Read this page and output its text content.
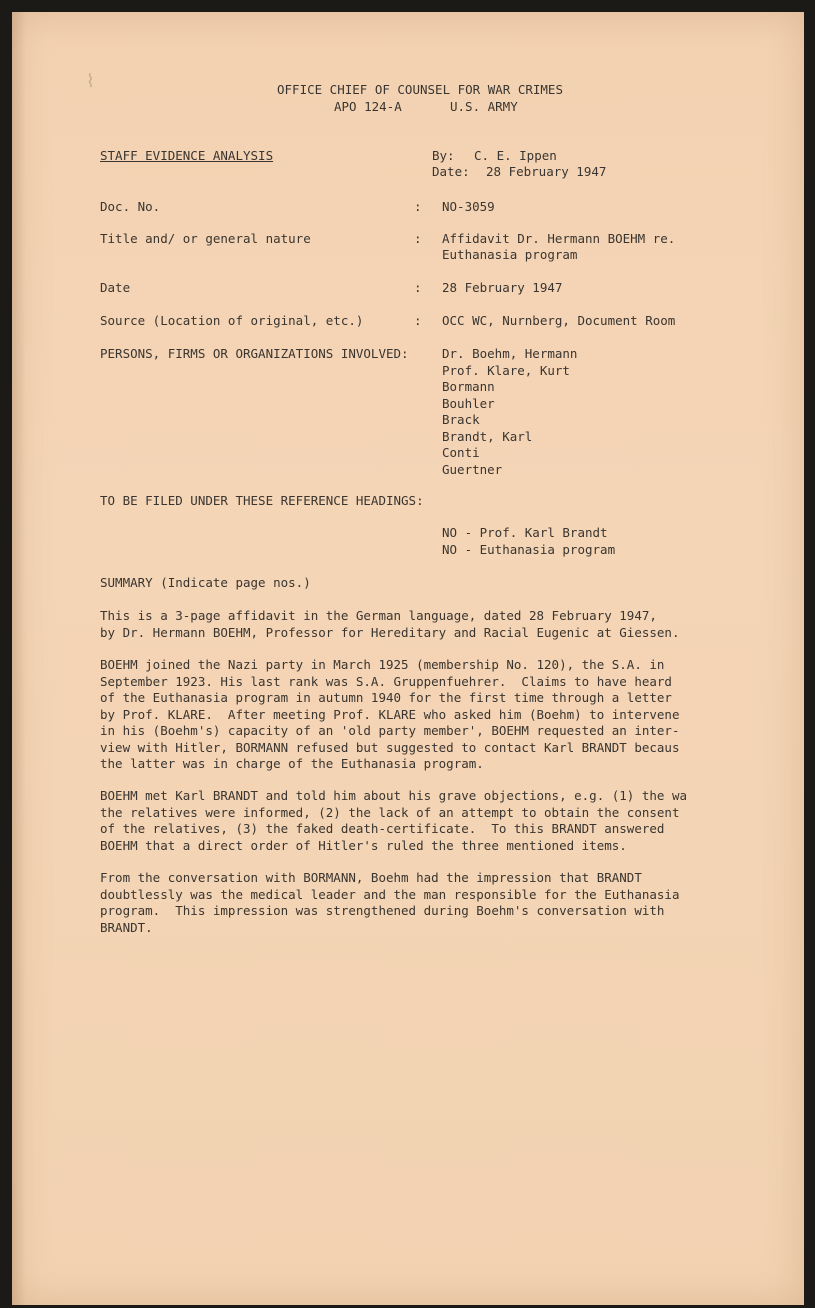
⌇	OFFICE CHIEF OF COUNSEL FOR WAR CRIMES
APO 124-A	U.S. ARMY
STAFF EVIDENCE ANALYSIS	By: C. E. Ippen
Date: 28 February 1947
Doc. No.	: NO-3059
Title and/ or general nature	: Affidavit Dr. Hermann BOEHM re.
Euthanasia program
Date	: 28 February 1947
Source (Location of original, etc.)	: OCC WC, Nurnberg, Document Room
PERSONS, FIRMS OR ORGANIZATIONS INVOLVED:	Dr. Boehm, Hermann
Prof. Klare, Kurt
Bormann
Bouhler
Brack
Brandt, Karl
Conti
Guertner
TO BE FILED UNDER THESE REFERENCE HEADINGS:
NO - Prof. Karl Brandt
NO - Euthanasia program
SUMMARY (Indicate page nos.)
This is a 3-page affidavit in the German language, dated 28 February 1947,
by Dr. Hermann BOEHM, Professor for Hereditary and Racial Eugenic at Giessen.
BOEHM joined the Nazi party in March 1925 (membership No. 120), the S.A. in
September 1923. His last rank was S.A. Gruppenfuehrer.  Claims to have heard
of the Euthanasia program in autumn 1940 for the first time through a letter
by Prof. KLARE.  After meeting Prof. KLARE who asked him (Boehm) to intervene
in his (Boehm's) capacity of an 'old party member', BOEHM requested an inter-
view with Hitler, BORMANN refused but suggested to contact Karl BRANDT becaus
the latter was in charge of the Euthanasia program.
BOEHM met Karl BRANDT and told him about his grave objections, e.g. (1) the wa
the relatives were informed, (2) the lack of an attempt to obtain the consent
of the relatives, (3) the faked death-certificate.  To this BRANDT answered
BOEHM that a direct order of Hitler's ruled the three mentioned items.
From the conversation with BORMANN, Boehm had the impression that BRANDT
doubtlessly was the medical leader and the man responsible for the Euthanasia
program.  This impression was strengthened during Boehm's conversation with
BRANDT.
